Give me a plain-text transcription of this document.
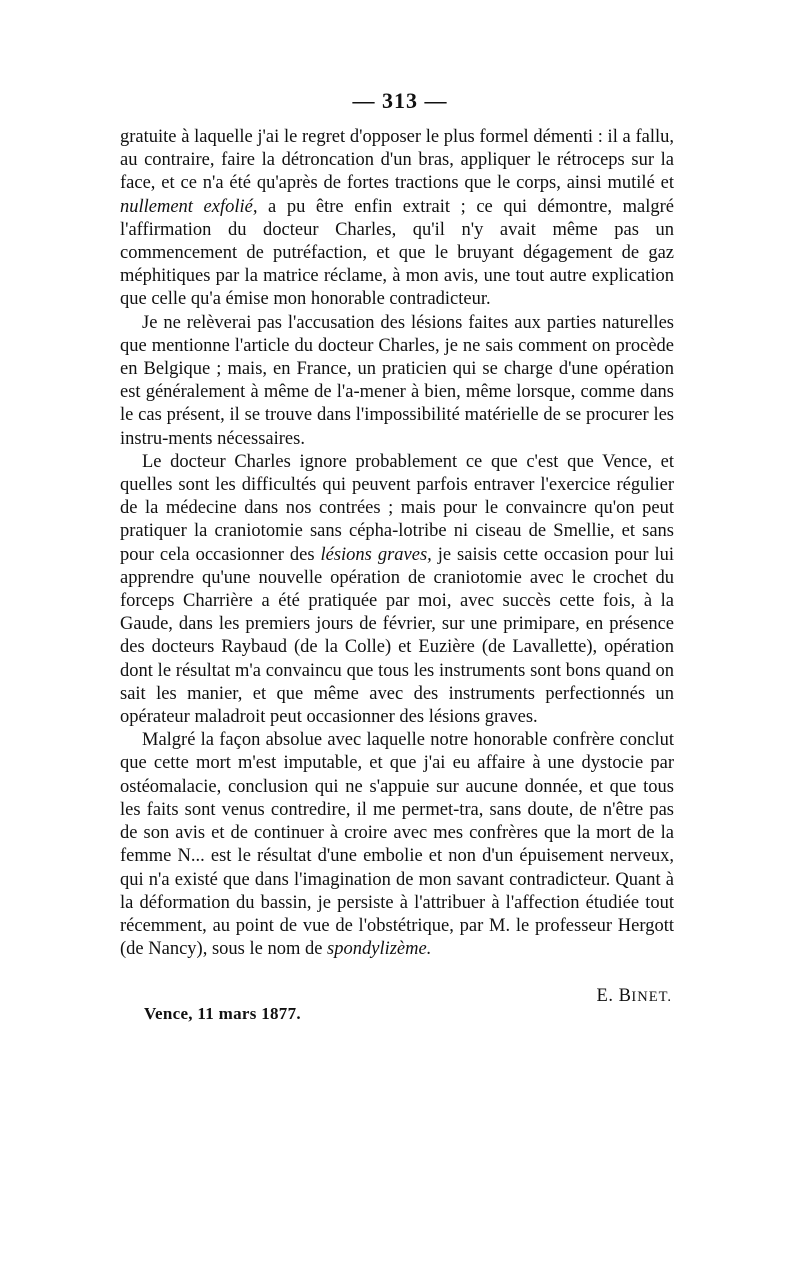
— 313 —

gratuite à laquelle j'ai le regret d'opposer le plus formel démenti : il a fallu, au contraire, faire la détroncation d'un bras, appliquer le rétroceps sur la face, et ce n'a été qu'après de fortes tractions que le corps, ainsi mutilé et nullement exfolié, a pu être enfin extrait ; ce qui démontre, malgré l'affirmation du docteur Charles, qu'il n'y avait même pas un commencement de putréfaction, et que le bruyant dégagement de gaz méphitiques par la matrice réclame, à mon avis, une tout autre explication que celle qu'a émise mon honorable contradicteur.

Je ne relèverai pas l'accusation des lésions faites aux parties naturelles que mentionne l'article du docteur Charles, je ne sais comment on procède en Belgique ; mais, en France, un praticien qui se charge d'une opération est généralement à même de l'a-mener à bien, même lorsque, comme dans le cas présent, il se trouve dans l'impossibilité matérielle de se procurer les instru-ments nécessaires.

Le docteur Charles ignore probablement ce que c'est que Vence, et quelles sont les difficultés qui peuvent parfois entraver l'exercice régulier de la médecine dans nos contrées ; mais pour le convaincre qu'on peut pratiquer la craniotomie sans cépha-lotribe ni ciseau de Smellie, et sans pour cela occasionner des lésions graves, je saisis cette occasion pour lui apprendre qu'une nouvelle opération de craniotomie avec le crochet du forceps Charrière a été pratiquée par moi, avec succès cette fois, à la Gaude, dans les premiers jours de février, sur une primipare, en présence des docteurs Raybaud (de la Colle) et Euzière (de Lavallette), opération dont le résultat m'a convaincu que tous les instruments sont bons quand on sait les manier, et que même avec des instruments perfectionnés un opérateur maladroit peut occasionner des lésions graves.

Malgré la façon absolue avec laquelle notre honorable confrère conclut que cette mort m'est imputable, et que j'ai eu affaire à une dystocie par ostéomalacie, conclusion qui ne s'appuie sur aucune donnée, et que tous les faits sont venus contredire, il me permet-tra, sans doute, de n'être pas de son avis et de continuer à croire avec mes confrères que la mort de la femme N... est le résultat d'une embolie et non d'un épuisement nerveux, qui n'a existé que dans l'imagination de mon savant contradicteur. Quant à la déformation du bassin, je persiste à l'attribuer à l'affection étudiée tout récemment, au point de vue de l'obstétrique, par M. le professeur Hergott (de Nancy), sous le nom de spondylizème.

E. BINET.
Vence, 11 mars 1877.
